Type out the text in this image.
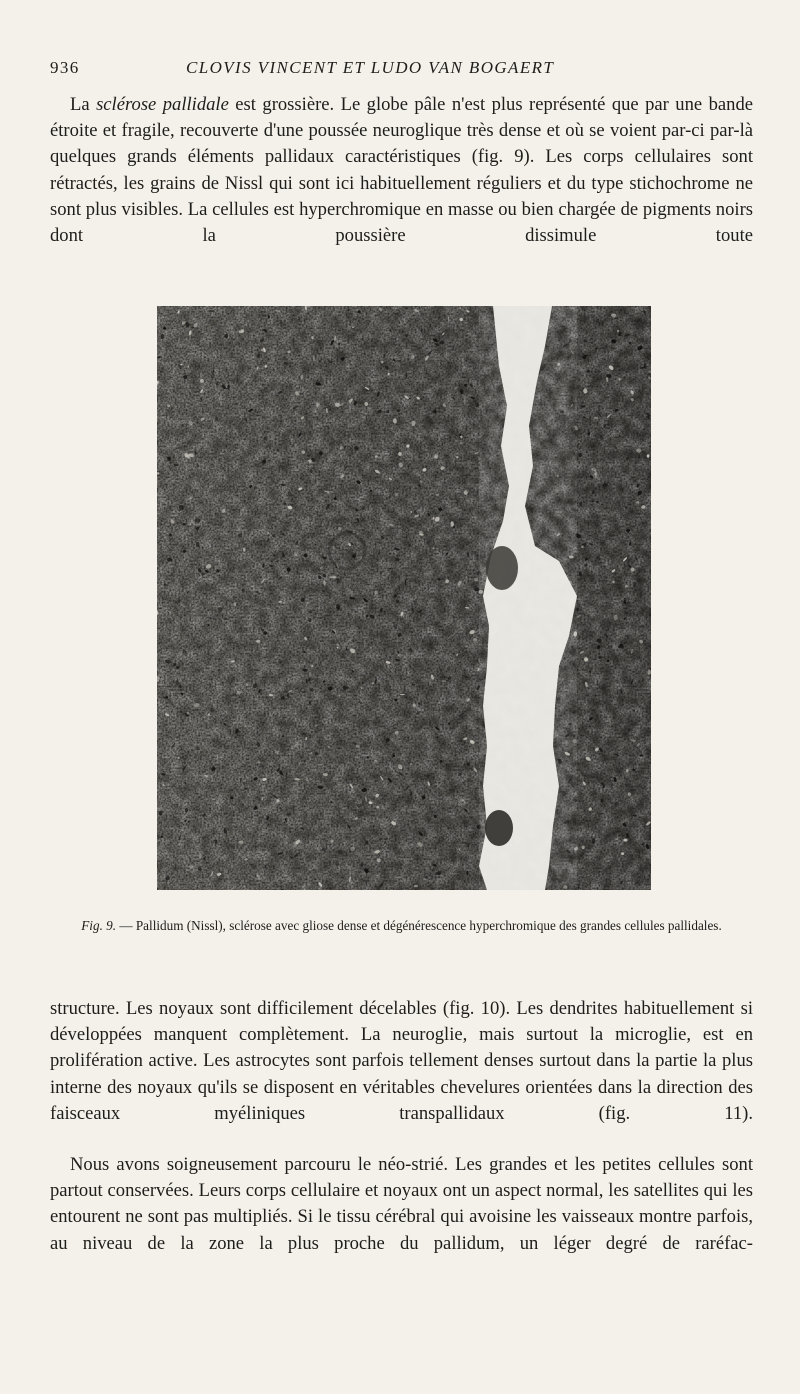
936	CLOVIS VINCENT ET LUDO VAN BOGAERT

La sclérose pallidale est grossière. Le globe pâle n'est plus représenté que par une bande étroite et fragile, recouverte d'une poussée neuroglique très dense et où se voient par-ci par-là quelques grands éléments pallidaux caractéristiques (fig. 9). Les corps cellulaires sont rétractés, les grains de Nissl qui sont ici habituellement réguliers et du type stichochrome ne sont plus visibles. La cellules est hyperchromique en masse ou bien chargée de pigments noirs dont la poussière dissimule toute

Fig. 9. — Pallidum (Nissl), sclérose avec gliose dense et dégénérescence hyperchromique des grandes cellules pallidales.

structure. Les noyaux sont difficilement décelables (fig. 10). Les dendrites habituellement si développées manquent complètement. La neuroglie, mais surtout la microglie, est en prolifération active. Les astrocytes sont parfois tellement denses surtout dans la partie la plus interne des noyaux qu'ils se disposent en véritables chevelures orientées dans la direction des faisceaux myéliniques transpallidaux (fig. 11).

Nous avons soigneusement parcouru le néo-strié. Les grandes et les petites cellules sont partout conservées. Leurs corps cellulaire et noyaux ont un aspect normal, les satellites qui les entourent ne sont pas multipliés. Si le tissu cérébral qui avoisine les vaisseaux montre parfois, au niveau de la zone la plus proche du pallidum, un léger degré de raréfac-
